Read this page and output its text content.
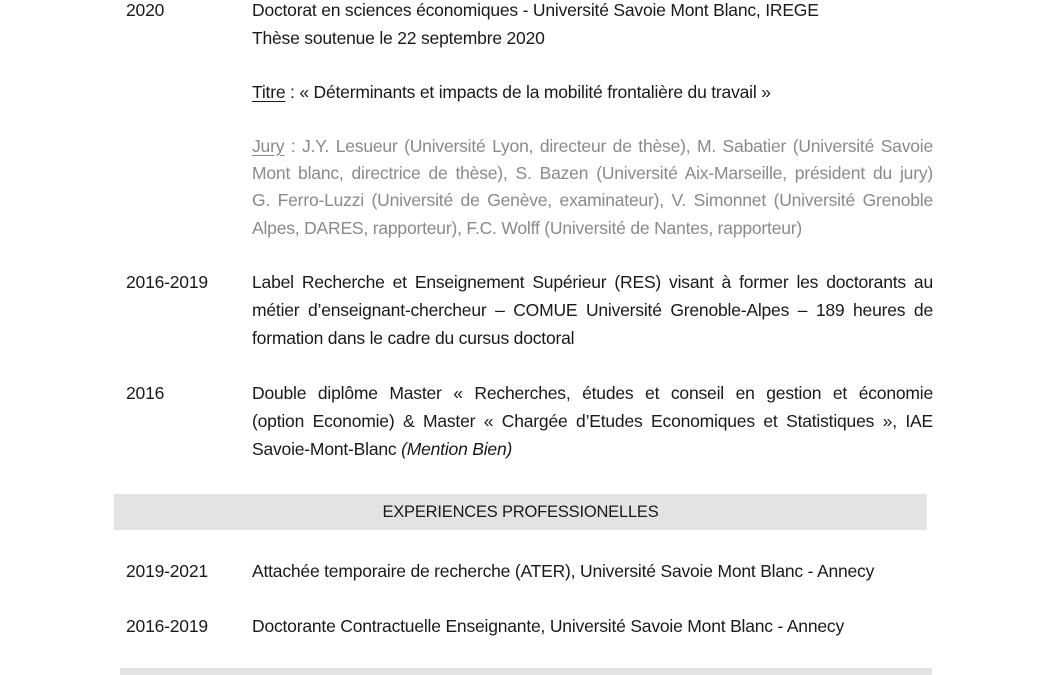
2020	Doctorat en sciences économiques - Université Savoie Mont Blanc, IREGE
Thèse soutenue le 22 septembre 2020
Titre : « Déterminants et impacts de la mobilité frontalière du travail »
Jury : J.Y. Lesueur (Université Lyon, directeur de thèse), M. Sabatier (Université Savoie
Mont blanc, directrice de thèse), S. Bazen (Université Aix-Marseille, président du jury)
G. Ferro-Luzzi (Université de Genève, examinateur), V. Simonnet (Université Grenoble
Alpes, DARES, rapporteur), F.C. Wolff (Université de Nantes, rapporteur)
2016-2019	Label Recherche et Enseignement Supérieur (RES) visant à former les doctorants au
métier d’enseignant-chercheur – COMUE Université Grenoble-Alpes – 189 heures de
formation dans le cadre du cursus doctoral
2016	Double diplôme Master « Recherches, études et conseil en gestion et économie
(option Economie) & Master « Chargée d’Etudes Economiques et Statistiques », IAE
Savoie-Mont-Blanc (Mention Bien)
EXPERIENCES PROFESSIONELLES
2019-2021	Attachée temporaire de recherche (ATER), Université Savoie Mont Blanc - Annecy
2016-2019	Doctorante Contractuelle Enseignante, Université Savoie Mont Blanc - Annecy
